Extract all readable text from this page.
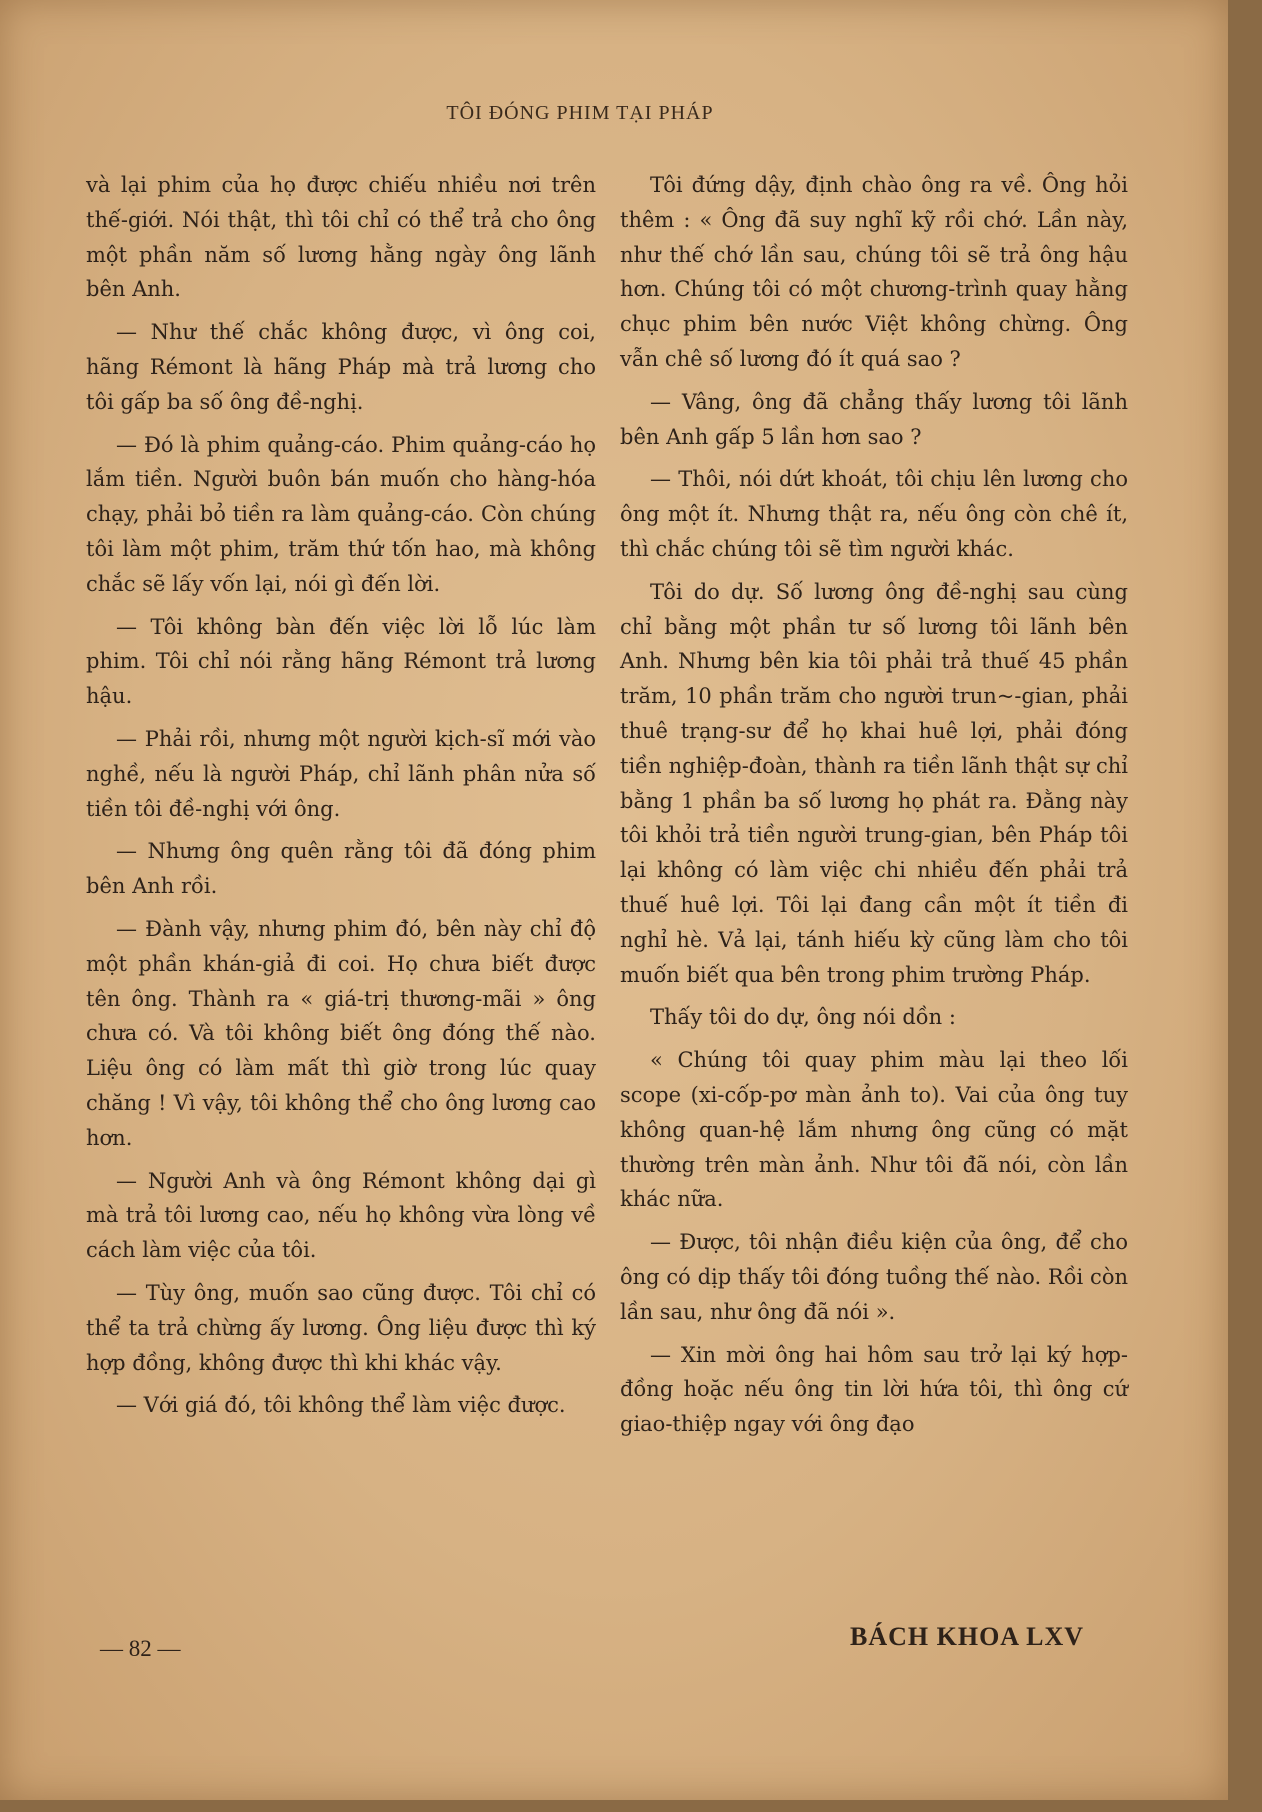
TÔI ĐÓNG PHIM TẠI PHÁP

và lại phim của họ được chiếu nhiều nơi trên thế-giới. Nói thật, thì tôi chỉ có thể trả cho ông một phần năm số lương hằng ngày ông lãnh bên Anh.

— Như thế chắc không được, vì ông coi, hãng Rémont là hãng Pháp mà trả lương cho tôi gấp ba số ông đề-nghị.

— Đó là phim quảng-cáo. Phim quảng-cáo họ lắm tiền. Người buôn bán muốn cho hàng-hóa chạy, phải bỏ tiền ra làm quảng-cáo. Còn chúng tôi làm một phim, trăm thứ tốn hao, mà không chắc sẽ lấy vốn lại, nói gì đến lời.

— Tôi không bàn đến việc lời lỗ lúc làm phim. Tôi chỉ nói rằng hãng Rémont trả lương hậu.

— Phải rồi, nhưng một người kịch-sĩ mới vào nghề, nếu là người Pháp, chỉ lãnh phân nửa số tiền tôi đề-nghị với ông.

— Nhưng ông quên rằng tôi đã đóng phim bên Anh rồi.

— Đành vậy, nhưng phim đó, bên này chỉ độ một phần khán-giả đi coi. Họ chưa biết được tên ông. Thành ra « giá-trị thương-mãi » ông chưa có. Và tôi không biết ông đóng thế nào. Liệu ông có làm mất thì giờ trong lúc quay chăng ! Vì vậy, tôi không thể cho ông lương cao hơn.

— Người Anh và ông Rémont không dại gì mà trả tôi lương cao, nếu họ không vừa lòng về cách làm việc của tôi.

— Tùy ông, muốn sao cũng được. Tôi chỉ có thể ta trả chừng ấy lương. Ông liệu được thì ký hợp đồng, không được thì khi khác vậy.

— Với giá đó, tôi không thể làm việc được.

Tôi đứng dậy, định chào ông ra về. Ông hỏi thêm : « Ông đã suy nghĩ kỹ rồi chớ. Lần này, như thế chớ lần sau, chúng tôi sẽ trả ông hậu hơn. Chúng tôi có một chương-trình quay hằng chục phim bên nước Việt không chừng. Ông vẫn chê số lương đó ít quá sao ?

— Vâng, ông đã chẳng thấy lương tôi lãnh bên Anh gấp 5 lần hơn sao ?

— Thôi, nói dứt khoát, tôi chịu lên lương cho ông một ít. Nhưng thật ra, nếu ông còn chê ít, thì chắc chúng tôi sẽ tìm người khác.

Tôi do dự. Số lương ông đề-nghị sau cùng chỉ bằng một phần tư số lương tôi lãnh bên Anh. Nhưng bên kia tôi phải trả thuế 45 phần trăm, 10 phần trăm cho người trun~-gian, phải thuê trạng-sư để họ khai huê lợi, phải đóng tiền nghiệp-đoàn, thành ra tiền lãnh thật sự chỉ bằng 1 phần ba số lương họ phát ra. Đằng này tôi khỏi trả tiền người trung-gian, bên Pháp tôi lại không có làm việc chi nhiều đến phải trả thuế huê lợi. Tôi lại đang cần một ít tiền đi nghỉ hè. Vả lại, tánh hiếu kỳ cũng làm cho tôi muốn biết qua bên trong phim trường Pháp.

Thấy tôi do dự, ông nói dồn :

« Chúng tôi quay phim màu lại theo lối scope (xi-cốp-pơ màn ảnh to). Vai của ông tuy không quan-hệ lắm nhưng ông cũng có mặt thường trên màn ảnh. Như tôi đã nói, còn lần khác nữa.

— Được, tôi nhận điều kiện của ông, để cho ông có dịp thấy tôi đóng tuồng thế nào. Rồi còn lần sau, như ông đã nói ».

— Xin mời ông hai hôm sau trở lại ký hợp-đồng hoặc nếu ông tin lời hứa tôi, thì ông cứ giao-thiệp ngay với ông đạo

— 82 —	BÁCH KHOA LXV
